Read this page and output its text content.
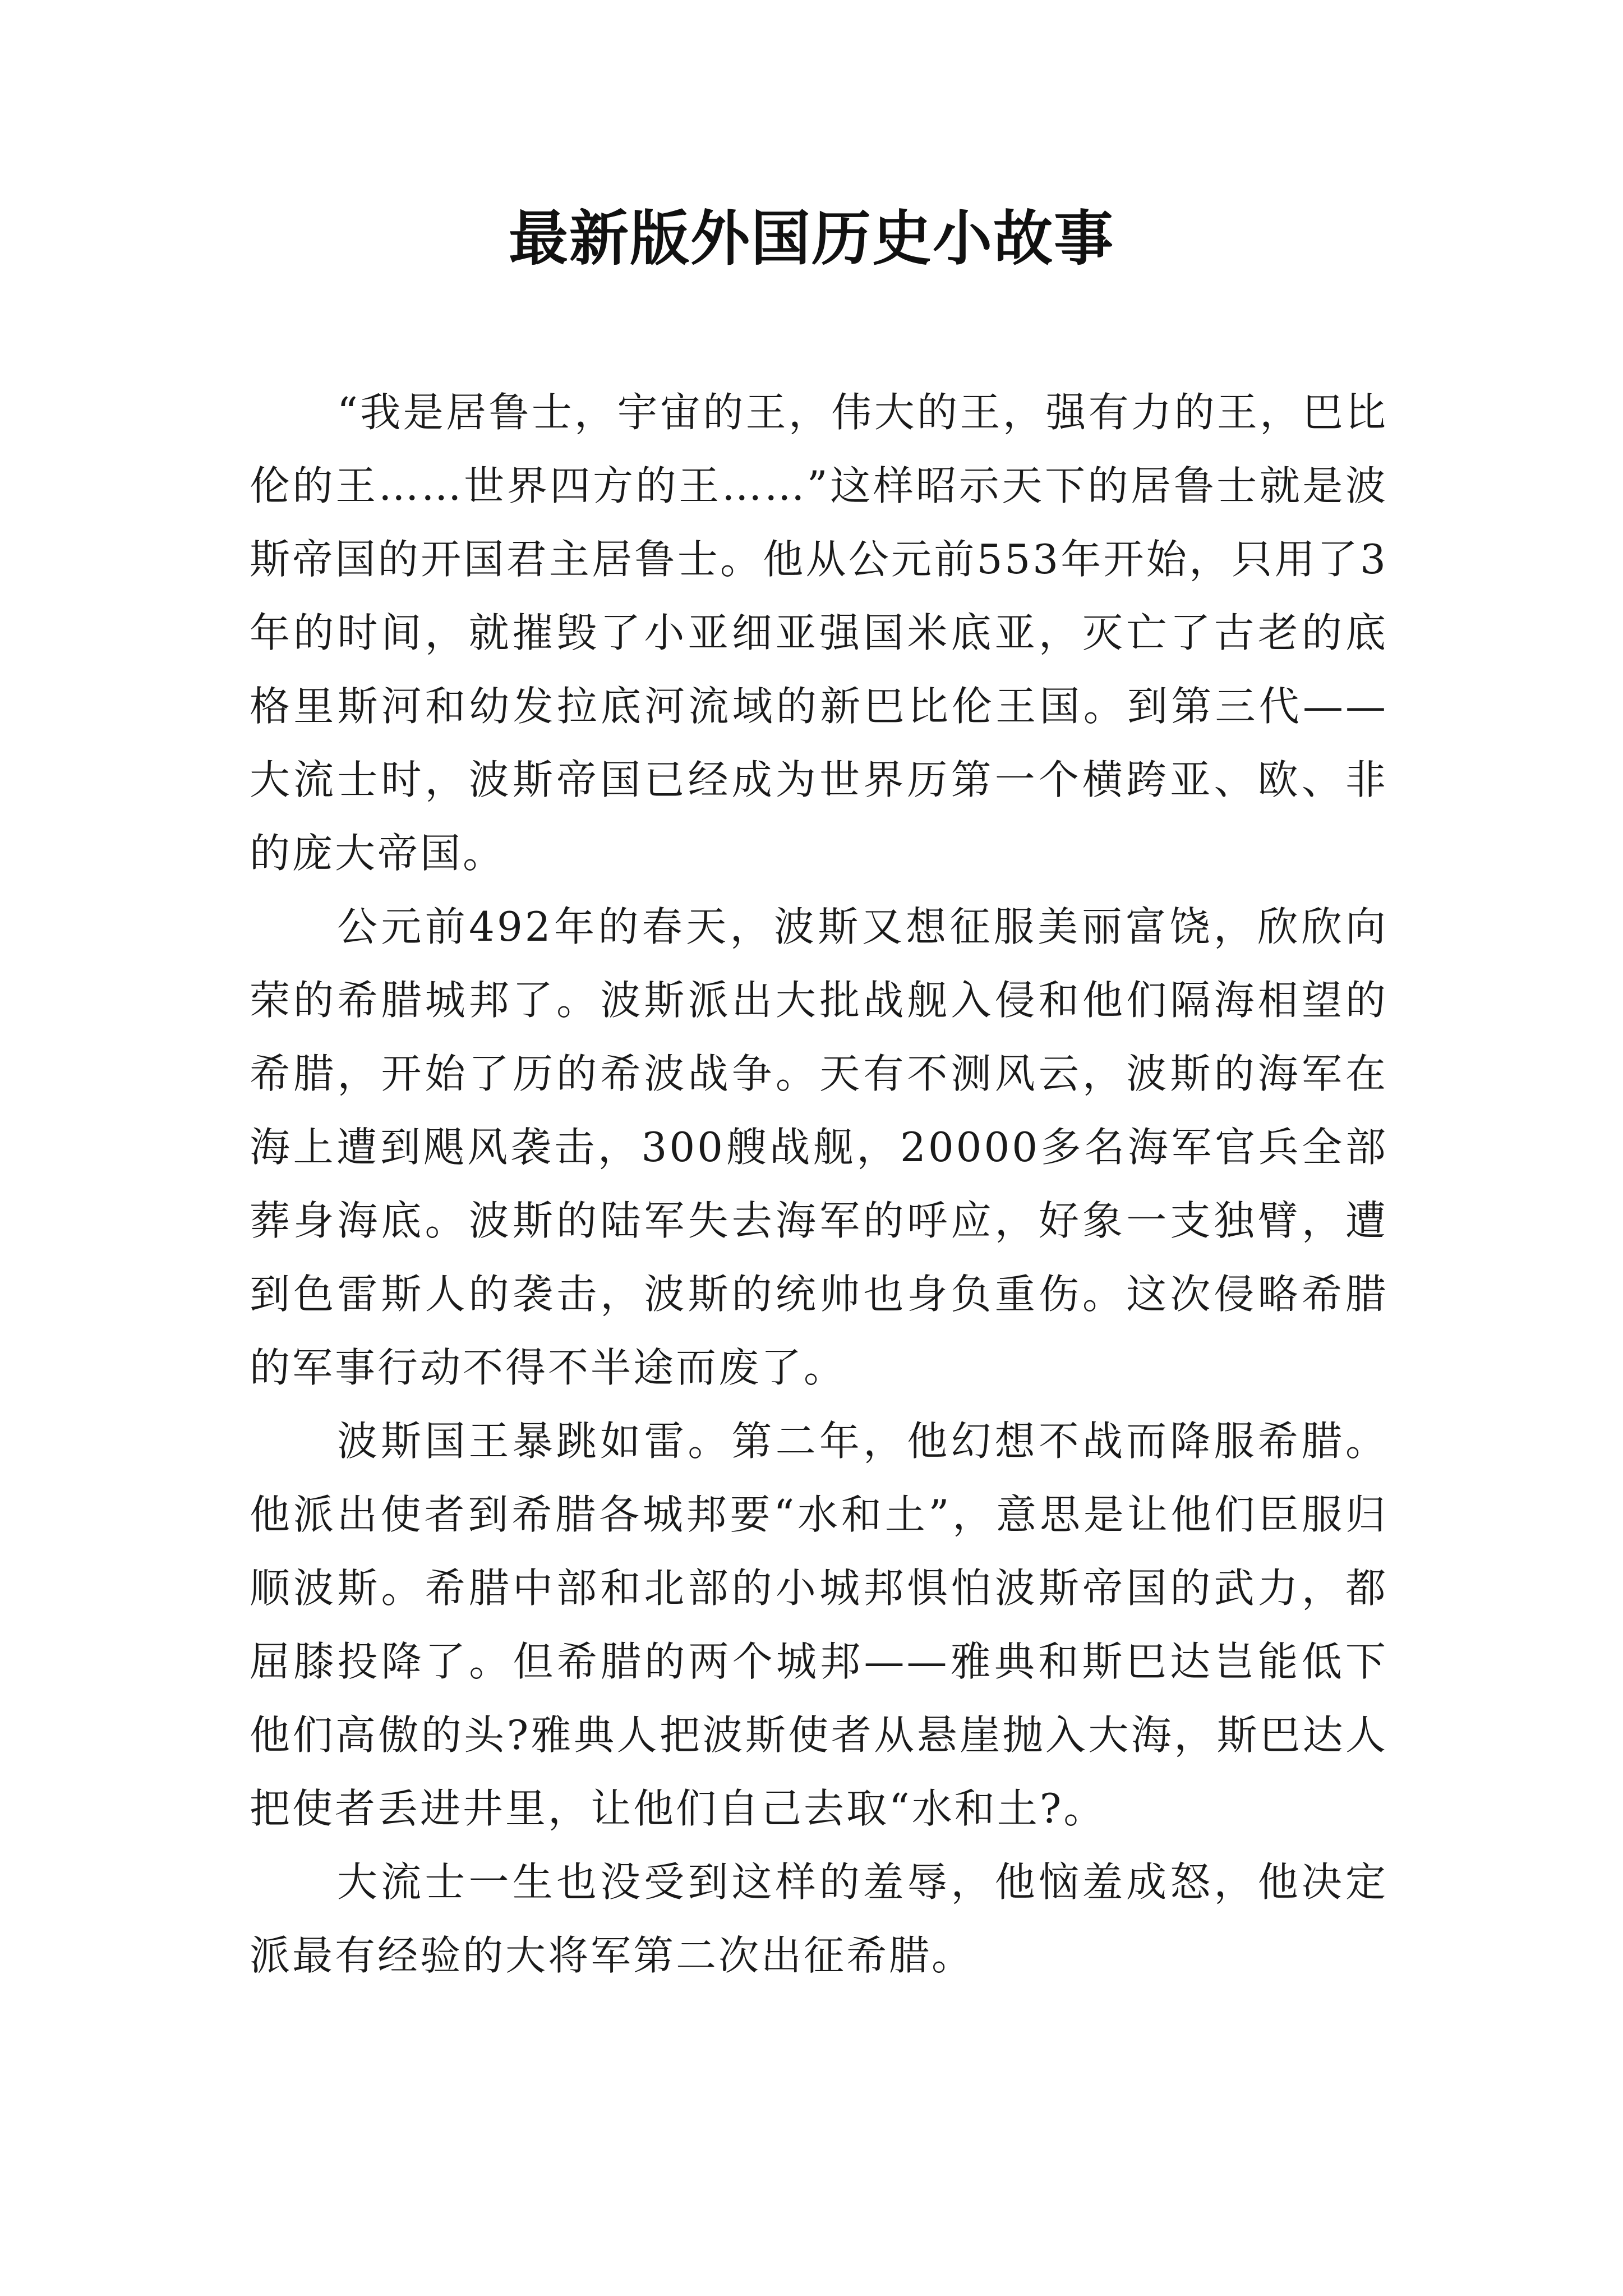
最新版外国历史小故事

“我是居鲁士，宇宙的王，伟大的王，强有力的王，巴比伦的王……世界四方的王……”这样昭示天下的居鲁士就是波斯帝国的开国君主居鲁士。他从公元前553年开始，只用了3年的时间，就摧毁了小亚细亚强国米底亚，灭亡了古老的底格里斯河和幼发拉底河流域的新巴比伦王国。到第三代——大流士时，波斯帝国已经成为世界历第一个横跨亚、欧、非的庞大帝国。

公元前492年的春天，波斯又想征服美丽富饶，欣欣向荣的希腊城邦了。波斯派出大批战舰入侵和他们隔海相望的希腊，开始了历的希波战争。天有不测风云，波斯的海军在海上遭到飓风袭击，300艘战舰，20000多名海军官兵全部葬身海底。波斯的陆军失去海军的呼应，好象一支独臂，遭到色雷斯人的袭击，波斯的统帅也身负重伤。这次侵略希腊的军事行动不得不半途而废了。

波斯国王暴跳如雷。第二年，他幻想不战而降服希腊。他派出使者到希腊各城邦要“水和土”，意思是让他们臣服归顺波斯。希腊中部和北部的小城邦惧怕波斯帝国的武力，都屈膝投降了。但希腊的两个城邦——雅典和斯巴达岂能低下他们高傲的头?雅典人把波斯使者从悬崖抛入大海，斯巴达人把使者丢进井里，让他们自己去取“水和土?。

大流士一生也没受到这样的羞辱，他恼羞成怒，他决定派最有经验的大将军第二次出征希腊。
